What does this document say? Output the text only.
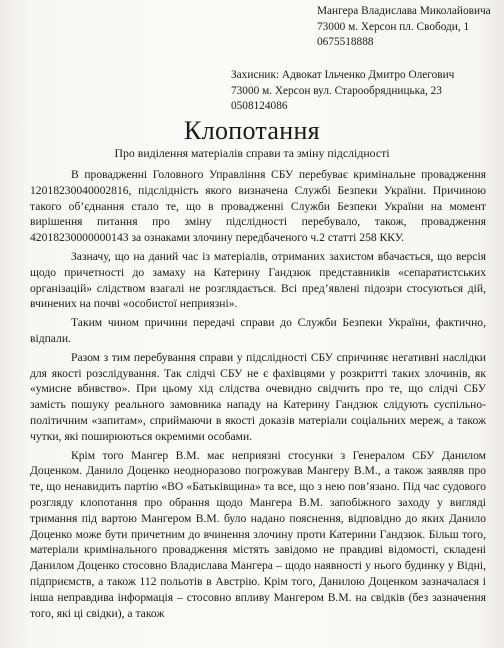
Мангера Владислава Миколайовича
73000 м. Херсон пл. Свободи, 1
0675518888
Захисник: Адвокат Ільченко Дмитро Олегович
73000 м. Херсон вул. Старообрядницька, 23
0508124086
Клопотання
Про виділення матеріалів справи та зміну підслідності

В провадженні Головного Управління СБУ перебуває кримінальне провадження 12018230040002816, підслідність якого визначена Службі Безпеки України. Причиною такого об’єднання стало те, що в провадженні Служби Безпеки України на момент вирішення питання про зміну підслідності перебувало, також, провадження 42018230000000143 за ознаками злочину передбаченого ч.2 статті 258 ККУ.

Зазначу, що на даний час із матеріалів, отриманих захистом вбачається, що версія щодо причетності до замаху на Катерину Гандзюк представників «сепаратистських організацій» слідством взагалі не розглядається. Всі пред’явлені підозри стосуються дій, вчинених на почві «особистої неприязні».

Таким чином причини передачі справи до Служби Безпеки України, фактично, відпали.

Разом з тим перебування справи у підслідності СБУ спричиняє негативні наслідки для якості розслідування. Так слідчі СБУ не є фахівцями у розкритті таких злочинів, як «умисне вбивство». При цьому хід слідства очевидно свідчить про те, що слідчі СБУ замість пошуку реального замовника нападу на Катерину Гандзюк слідують суспільно-політичним «запитам», сприймаючи в якості доказів матеріали соціальних мереж, а також чутки, які поширюються окремими особами.

Крім того Мангер В.М. має неприязні стосунки з Генералом СБУ Данилом Доценком. Данило Доценко неодноразово погрожував Мангеру В.М., а також заявляв про те, що ненавидить партію «ВО «Батьківщина» та все, що з нею пов’язано. Під час судового розгляду клопотання про обрання щодо Мангера В.М. запобіжного заходу у вигляді тримання під вартою Мангером В.М. було надано пояснення, відповідно до яких Данило Доценко може бути причетним до вчинення злочину проти Катерини Гандзюк. Більш того, матеріали кримінального провадження містять завідомо не правдиві відомості, складені Данилом Доценко стосовно Владислава Мангера – щодо наявності у нього будинку у Відні, підприємств, а також 112 польотів в Австрію. Крім того, Данилою Доценком зазначалася і інша неправдива інформація – стосовно впливу Мангером В.М. на свідків (без зазначення того, які ці свідки), а також
